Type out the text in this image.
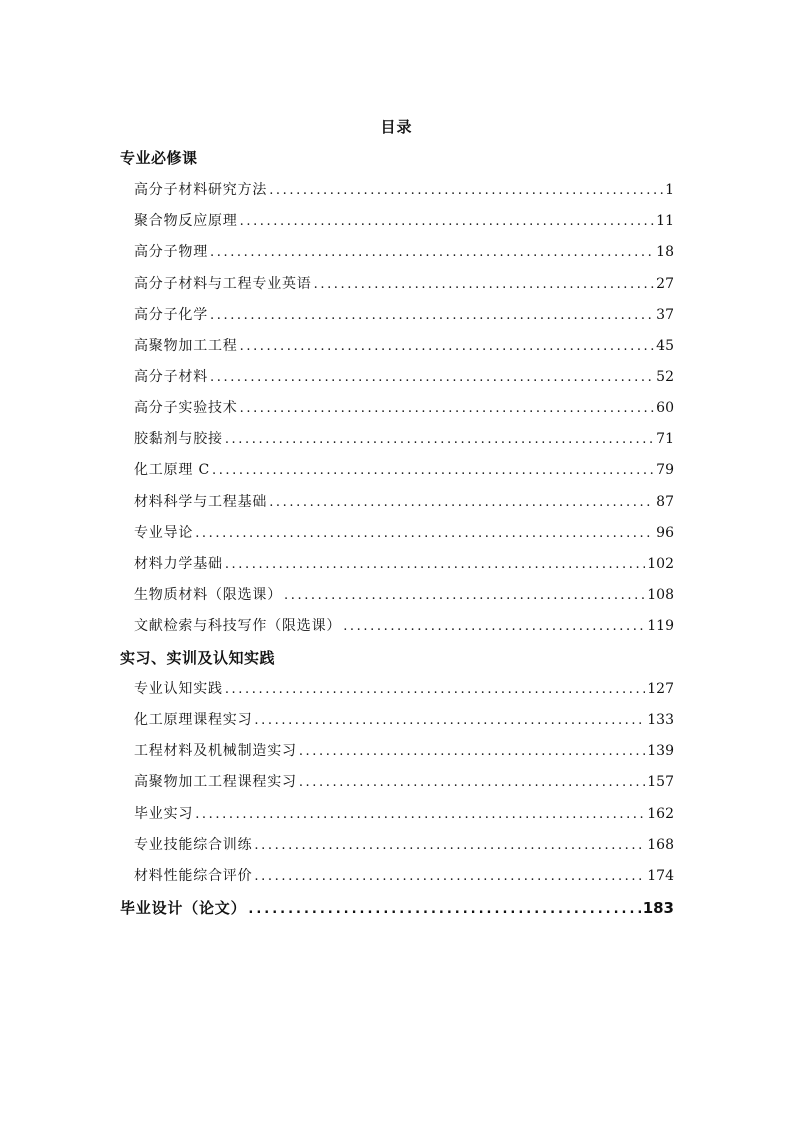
目录
专业必修课
高分子材料研究方法 .....	1
聚合物反应原理 .....	11
高分子物理 .....	18
高分子材料与工程专业英语 .....	27
高分子化学 .....	37
高聚物加工工程 .....	45
高分子材料 .....	52
高分子实验技术 .....	60
胶黏剂与胶接 .....	71
化工原理 C .....	79
材料科学与工程基础 .....	87
专业导论 .....	96
材料力学基础 .....	102
生物质材料（限选课） .....	108
文献检索与科技写作（限选课） .....	119
实习、实训及认知实践
专业认知实践 .....	127
化工原理课程实习 .....	133
工程材料及机械制造实习 .....	139
高聚物加工工程课程实习 .....	157
毕业实习 .....	162
专业技能综合训练 .....	168
材料性能综合评价 .....	174
毕业设计（论文） .....	183
